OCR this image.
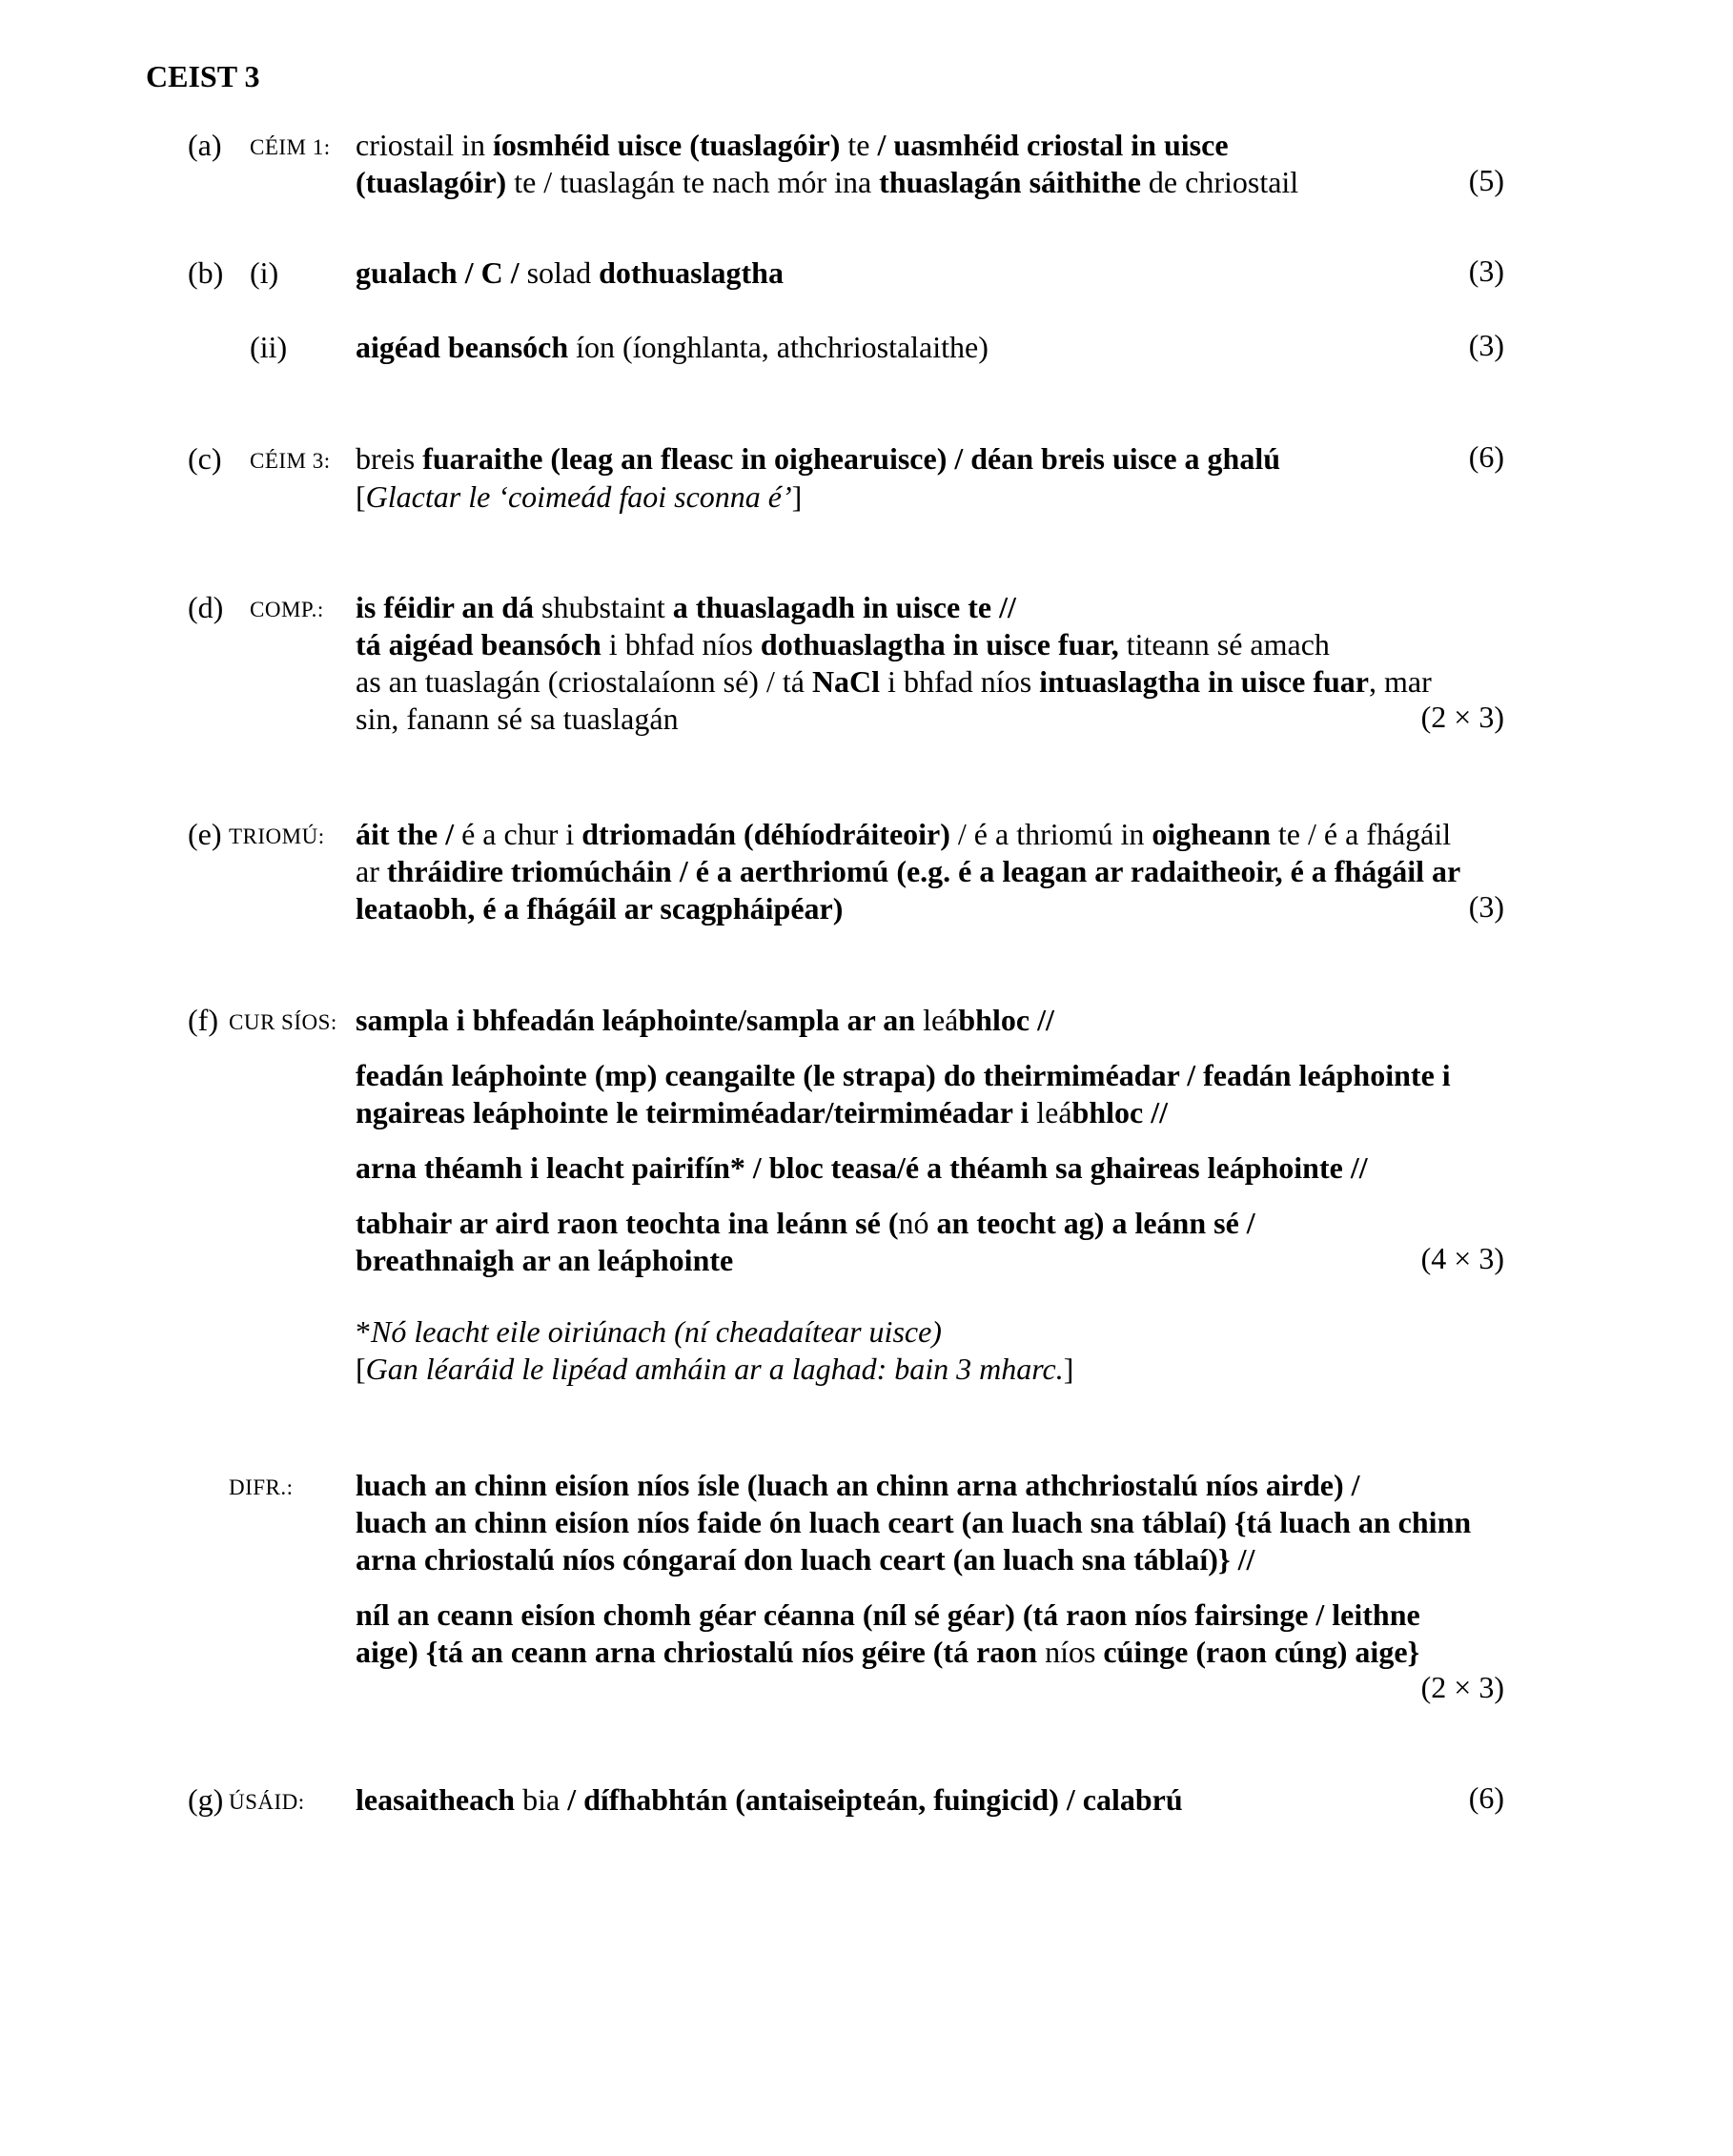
CEIST 3
(a) CÉIM 1: criostail in íosmhéid uisce (tuaslagóir) te / uasmhéid criostal in uisce
(tuaslagóir) te / tuaslagán te nach mór ina thuaslagán sáithithe de chriostail	(5)
(b) (i)	gualach / C / solad dothuaslagtha	(3)
(ii) aigéad beansóch íon (íonghlanta, athchriostalaithe)	(3)
(c) CÉIM 3: breis fuaraithe (leag an fleasc in oighearuisce) / déan breis uisce a ghalú
[Glactar le ‘coimeád faoi sconna é’]
(6)
(d) COMP.: is féidir an dá shubstaint a thuaslagadh in uisce te //
tá aigéad beansóch i bhfad níos dothuaslagtha in uisce fuar, titeann sé amach
as an tuaslagán (criostalaíonn sé) / tá NaCl i bhfad níos intuaslagtha in uisce fuar, mar
sin, fanann sé sa tuaslagán	(2 × 3)
(e) TRIOMÚ: áit the / é a chur i dtriomadán (déhíodráiteoir) / é a thriomú in oigheann te / é a fhágáil
ar thráidire triomúcháin / é a aerthriomú (e.g. é a leagan ar radaitheoir, é a fhágáil ar
leataobh, é a fhágáil ar scagpháipéar)	(3)
(f) CUR SÍOS: sampla i bhfeadán leáphointe/sampla ar an leábhloc //
feadán leáphointe (mp) ceangailte (le strapa) do theirmiméadar / feadán leáphointe i
ngaireas leáphointe le teirmiméadar/teirmiméadar i leábhloc //
arna théamh i leacht pairifín* / bloc teasa/é a théamh sa ghaireas leáphointe //
tabhair ar aird raon teochta ina leánn sé (nó an teocht ag) a leánn sé /
breathnaigh ar an leáphointe	(4 × 3)
*Nó leacht eile oiriúnach (ní cheadaítear uisce)
[Gan léaráid le lipéad amháin ar a laghad: bain 3 mharc.]
DIFR.: luach an chinn eisíon níos ísle (luach an chinn arna athchriostalú níos airde) /
luach an chinn eisíon níos faide ón luach ceart (an luach sna táblaí) {tá luach an chinn
arna chriostalú níos cóngaraí don luach ceart (an luach sna táblaí)} //
níl an ceann eisíon chomh géar céanna (níl sé géar) (tá raon níos fairsinge / leithne
aige) {tá an ceann arna chriostalú níos géire (tá raon níos cúinge (raon cúng) aige}
(2 × 3)
(g) ÚSÁID: leasaitheach bia / dífhabhtán (antaiseipteán, fuingicid) / calabrú	(6)
